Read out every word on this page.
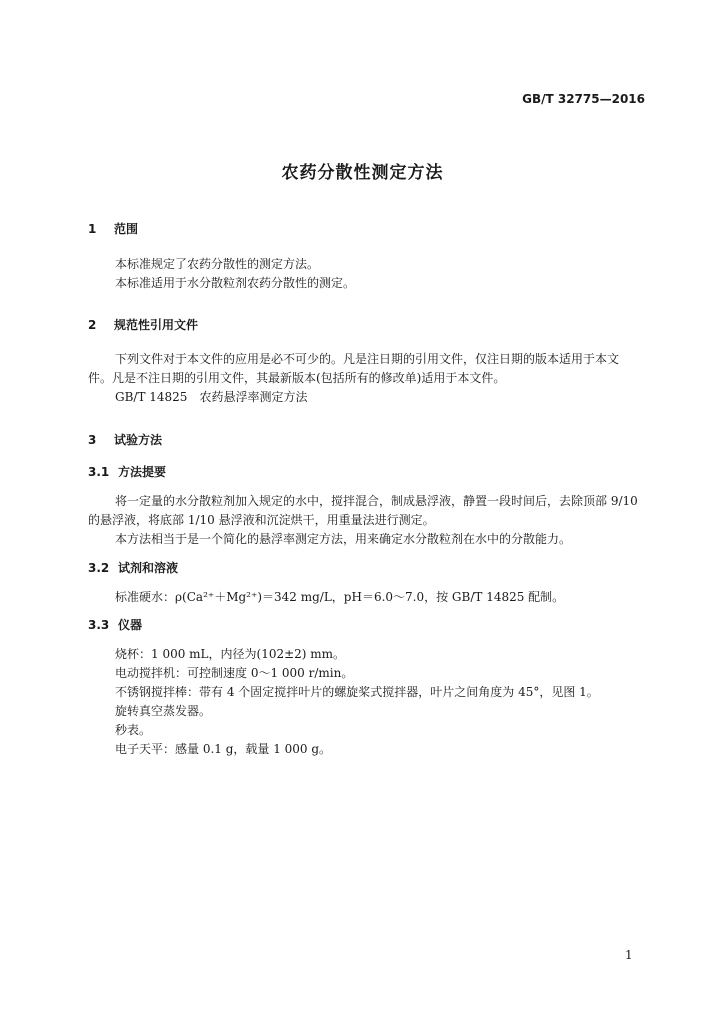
GB/T 32775—2016
农药分散性测定方法
1 范围
本标准规定了农药分散性的测定方法。
本标准适用于水分散粒剂农药分散性的测定。
2 规范性引用文件
下列文件对于本文件的应用是必不可少的。凡是注日期的引用文件，仅注日期的版本适用于本文
件。凡是不注日期的引用文件，其最新版本(包括所有的修改单)适用于本文件。
GB/T 14825　农药悬浮率测定方法
3 试验方法
3.1 方法提要
将一定量的水分散粒剂加入规定的水中，搅拌混合，制成悬浮液，静置一段时间后，去除顶部 9/10
的悬浮液，将底部 1/10 悬浮液和沉淀烘干，用重量法进行测定。
本方法相当于是一个简化的悬浮率测定方法，用来确定水分散粒剂在水中的分散能力。
3.2 试剂和溶液
标准硬水：ρ(Ca²⁺＋Mg²⁺)＝342 mg/L，pH＝6.0～7.0，按 GB/T 14825 配制。
3.3 仪器
烧杯：1 000 mL，内径为(102±2) mm。
电动搅拌机：可控制速度 0～1 000 r/min。
不锈钢搅拌棒：带有 4 个固定搅拌叶片的螺旋桨式搅拌器，叶片之间角度为 45°，见图 1。
旋转真空蒸发器。
秒表。
电子天平：感量 0.1 g，载量 1 000 g。
1
